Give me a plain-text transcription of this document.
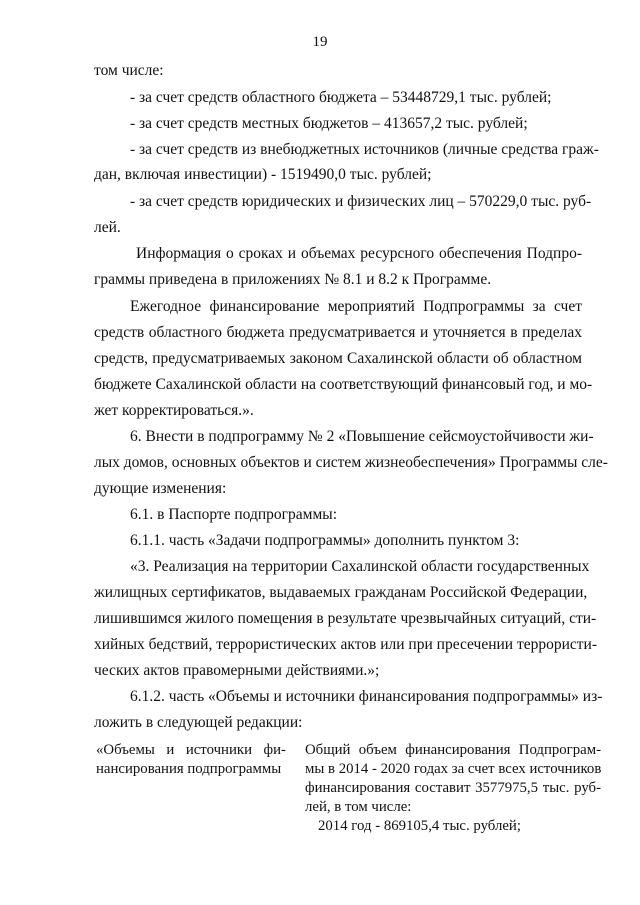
19
том числе:
- за счет средств областного бюджета – 53448729,1 тыс. рублей;
- за счет средств местных бюджетов – 413657,2 тыс. рублей;
- за счет средств из внебюджетных источников (личные средства граж-
дан, включая инвестиции) - 1519490,0 тыс. рублей;
- за счет средств юридических и физических лиц – 570229,0 тыс. руб-
лей.
Информация о сроках и объемах ресурсного обеспечения Подпро-
граммы приведена в приложениях № 8.1 и 8.2 к Программе.
Ежегодное финансирование мероприятий Подпрограммы за счет
средств областного бюджета предусматривается и уточняется в пределах
средств, предусматриваемых законом Сахалинской области об областном
бюджете Сахалинской области на соответствующий финансовый год, и мо-
жет корректироваться.».
6. Внести в подпрограмму № 2 «Повышение сейсмоустойчивости жи-
лых домов, основных объектов и систем жизнеобеспечения» Программы сле-
дующие изменения:
6.1. в Паспорте подпрограммы:
6.1.1. часть «Задачи подпрограммы» дополнить пунктом 3:
«3. Реализация на территории Сахалинской области государственных
жилищных сертификатов, выдаваемых гражданам Российской Федерации,
лишившимся жилого помещения в результате чрезвычайных ситуаций, сти-
хийных бедствий, террористических актов или при пресечении террористи-
ческих актов правомерными действиями.»;
6.1.2. часть «Объемы и источники финансирования подпрограммы» из-
ложить в следующей редакции:
«Объемы и источники фи-
нансирования подпрограммы
Общий объем финансирования Подпрограм-
мы в 2014 - 2020 годах за счет всех источников
финансирования составит 3577975,5 тыс. руб-
лей, в том числе:
2014 год - 869105,4 тыс. рублей;
